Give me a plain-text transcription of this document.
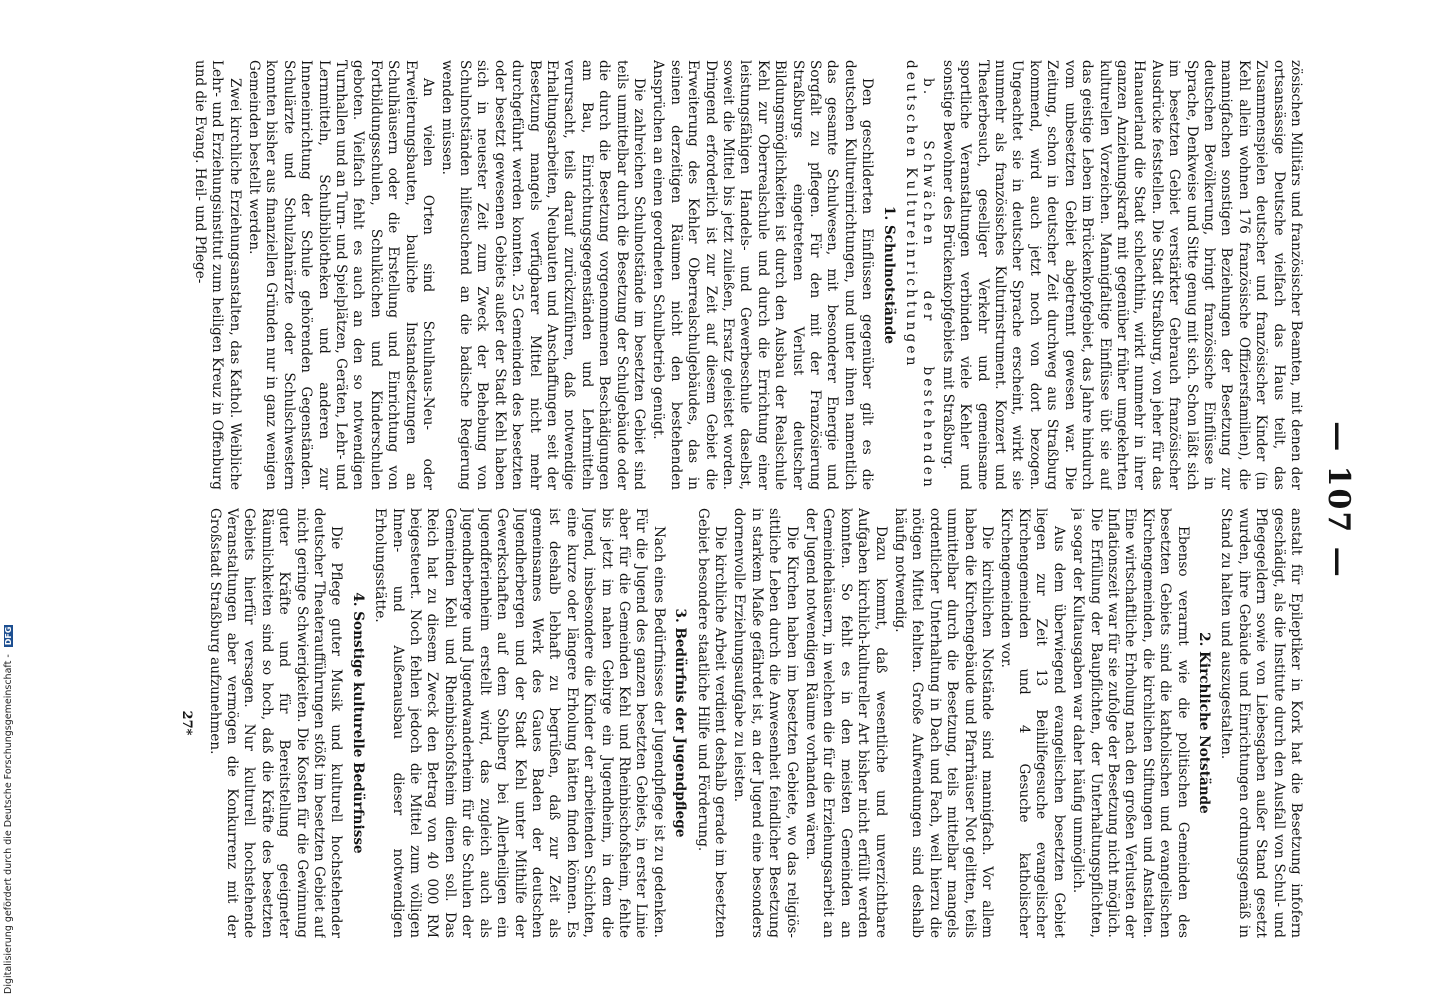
— 107 —

zösischen Militärs und französischer Beamten, mit denen der ortsansässige Deutsche vielfach das Haus teilt, das Zusammenspielen deutscher und französischer Kinder (in Kehl allein wohnen 176 französische Offiziersfamilien), die mannigfachen sonstigen Beziehungen der Besetzung zur deutschen Bevölkerung, bringt französische Einflüsse in Sprache, Denkweise und Sitte genug mit sich. Schon läßt sich im besetzten Gebiet verstärkter Gebrauch französischer Ausdrücke feststellen. Die Stadt Straßburg, von jeher für das Hanauerland die Stadt schlechthin, wirkt nunmehr in ihrer ganzen Anziehungskraft mit gegenüber früher umgekehrten kulturellen Vorzeichen. Mannigfaltige Einflüsse übt sie auf das geistige Leben im Brückenkopfgebiet, das Jahre hindurch vom unbesetzten Gebiet abgetrennt gewesen war. Die Zeitung, schon in deutscher Zeit durchweg aus Straßburg kommend, wird auch jetzt noch von dort bezogen. Ungeachtet sie in deutscher Sprache erscheint, wirkt sie nunmehr als französisches Kulturinstrument. Konzert und Theaterbesuch, geselliger Verkehr und gemeinsame sportliche Veranstaltungen verbinden viele Kehler und sonstige Bewohner des Brückenkopfgebiets mit Straßburg.

b. Schwächen der bestehenden deutschen Kultureinrichtungen

1. Schulnotstände

Den geschilderten Einflüssen gegenüber gilt es die deutschen Kultureinrichtungen, und unter ihnen namentlich das gesamte Schulwesen, mit besonderer Energie und Sorgfalt zu pflegen. Für den mit der Französierung Straßburgs eingetretenen Verlust deutscher Bildungsmöglichkeiten ist durch den Ausbau der Realschule Kehl zur Oberrealschule und durch die Errichtung einer leistungsfähigen Handels- und Gewerbeschule daselbst, soweit die Mittel bis jetzt zuließen, Ersatz geleistet worden. Dringend erforderlich ist zur Zeit auf diesem Gebiet die Erweiterung des Kehler Oberrealschulgebäudes, das in seinen derzeitigen Räumen nicht den bestehenden Ansprüchen an einen geordneten Schulbetrieb genügt.

Die zahlreichen Schulnotstände im besetzten Gebiet sind teils unmittelbar durch die Besetzung der Schulgebäude oder die durch die Besetzung vorgenommenen Beschädigungen am Bau, Einrichtungsgegenständen und Lehrmitteln verursacht, teils darauf zurückzuführen, daß notwendige Erhaltungsarbeiten, Neubauten und Anschaffungen seit der Besetzung mangels verfügbarer Mittel nicht mehr durchgeführt werden konnten. 25 Gemeinden des besetzten oder besetzt gewesenen Gebiets außer der Stadt Kehl haben sich in neuester Zeit zum Zweck der Behebung von Schulnotständen hilfesuchend an die badische Regierung wenden müssen.

An vielen Orten sind Schulhaus-Neu- oder Erweiterungsbauten, bauliche Instandsetzungen an Schulhäusern oder die Erstellung und Einrichtung von Fortbildungsschulen, Schulküchen und Kinderschulen geboten. Vielfach fehlt es auch an den so notwendigen Turnhallen und an Turn- und Spielplätzen, Geräten, Lehr- und Lernmitteln, Schulbibliotheken und anderen zur Inneneinrichtung der Schule gehörenden Gegenständen. Schulärzte und Schulzahnärzte oder Schulschwestern konnten bisher aus finanziellen Gründen nur in ganz wenigen Gemeinden bestellt werden.

Zwei kirchliche Erziehungsanstalten, das Kathol. Weibliche Lehr- und Erziehungsinstitut zum heiligen Kreuz in Offenburg und die Evang. Heil- und Pflege-

anstalt für Epileptiker in Kork hat die Besetzung infofern geschädigt, als die Institute durch den Ausfall von Schul- und Pflegegeldern sowie von Liebesgaben außer Stand gesetzt wurden, ihre Gebäude und Einrichtungen ordnungsgemäß in Stand zu halten und auszugestalten.

2. Kirchliche Notstände

Ebenso verarmt wie die politischen Gemeinden des besetzten Gebiets sind die katholischen und evangelischen Kirchengemeinden, die kirchlichen Stiftungen und Anstalten. Eine wirtschaftliche Erholung nach den großen Verlusten der Inflationszeit war für sie zufolge der Besetzung nicht möglich. Die Erfüllung der Baupflichten, der Unterhaltungspflichten, ja sogar der Kultausgaben war daher häufig unmöglich.

Aus dem überwiegend evangelischen besetzten Gebiet liegen zur Zeit 13 Beihilfegesuche evangelischer Kirchengemeinden und 4 Gesuche katholischer Kirchengemeinden vor.

Die kirchlichen Notstände sind mannigfach. Vor allem haben die Kirchengebäude und Pfarrhäuser Not gelitten, teils unmittelbar durch die Besetzung, teils mittelbar mangels ordentlicher Unterhaltung in Dach und Fach, weil hierzu die nötigen Mittel fehlten. Große Aufwendungen sind deshalb häufig notwendig.

Dazu kommt, daß wesentliche und unverzichtbare Aufgaben kirchlich-kultureller Art bisher nicht erfüllt werden konnten. So fehlt es in den meisten Gemeinden an Gemeindehäusern, in welchen die für die Erziehungsarbeit an der Jugend notwendigen Räume vorhanden wären.

Die Kirchen haben im besetzten Gebiete, wo das religiös-sittliche Leben durch die Anwesenheit feindlicher Besetzung in starkem Maße gefährdet ist, an der Jugend eine besonders dornenvolle Erziehungsaufgabe zu leisten.

Die kirchliche Arbeit verdient deshalb gerade im besetzten Gebiet besondere staatliche Hilfe und Förderung.

3. Bedürfnis der Jugendpflege

Nach eines Bedürfnisses der Jugendpflege ist zu gedenken. Für die Jugend des ganzen besetzten Gebiets, in erster Linie aber für die Gemeinden Kehl und Rheinbischofsheim, fehlte bis jetzt im nahen Gebirge ein Jugendheim, in dem die Jugend, insbesondere die Kinder der arbeitenden Schichten, eine kurze oder längere Erholung hätten finden können. Es ist deshalb lebhaft zu begrüßen, daß zur Zeit als gemeinsames Werk des Gaues Baden der deutschen Jugendherbergen und der Stadt Kehl unter Mithilfe der Gewerkschaften auf dem Sohlberg bei Allerheiligen ein Jugendferienheim erstellt wird, das zugleich auch als Jugendherberge und Jugendwanderheim für die Schulen der Gemeinden Kehl und Rheinbischofsheim dienen soll. Das Reich hat zu diesem Zweck den Betrag von 40 000 RM beigesteuert. Noch fehlen jedoch die Mittel zum völligen Innen- und Außenausbau dieser notwendigen Erholungsstätte.

4. Sonstige kulturelle Bedürfnisse

Die Pflege guter Musik und kulturell hochstehender deutscher Theateraufführungen stößt im besetzten Gebiet auf nicht geringe Schwierigkeiten. Die Kosten für die Gewinnung guter Kräfte und für Bereitstellung geeigneter Räumlichkeiten sind so hoch, daß die Kräfte des besetzten Gebiets hierfür versagen. Nur kulturell hochstehende Veranstaltungen aber vermögen die Konkurrenz mit der Großstadt Straßburg aufzunehmen.

27*
Digitalisierung gefördert durch die Deutsche Forschungsgemeinschaft - DFG
